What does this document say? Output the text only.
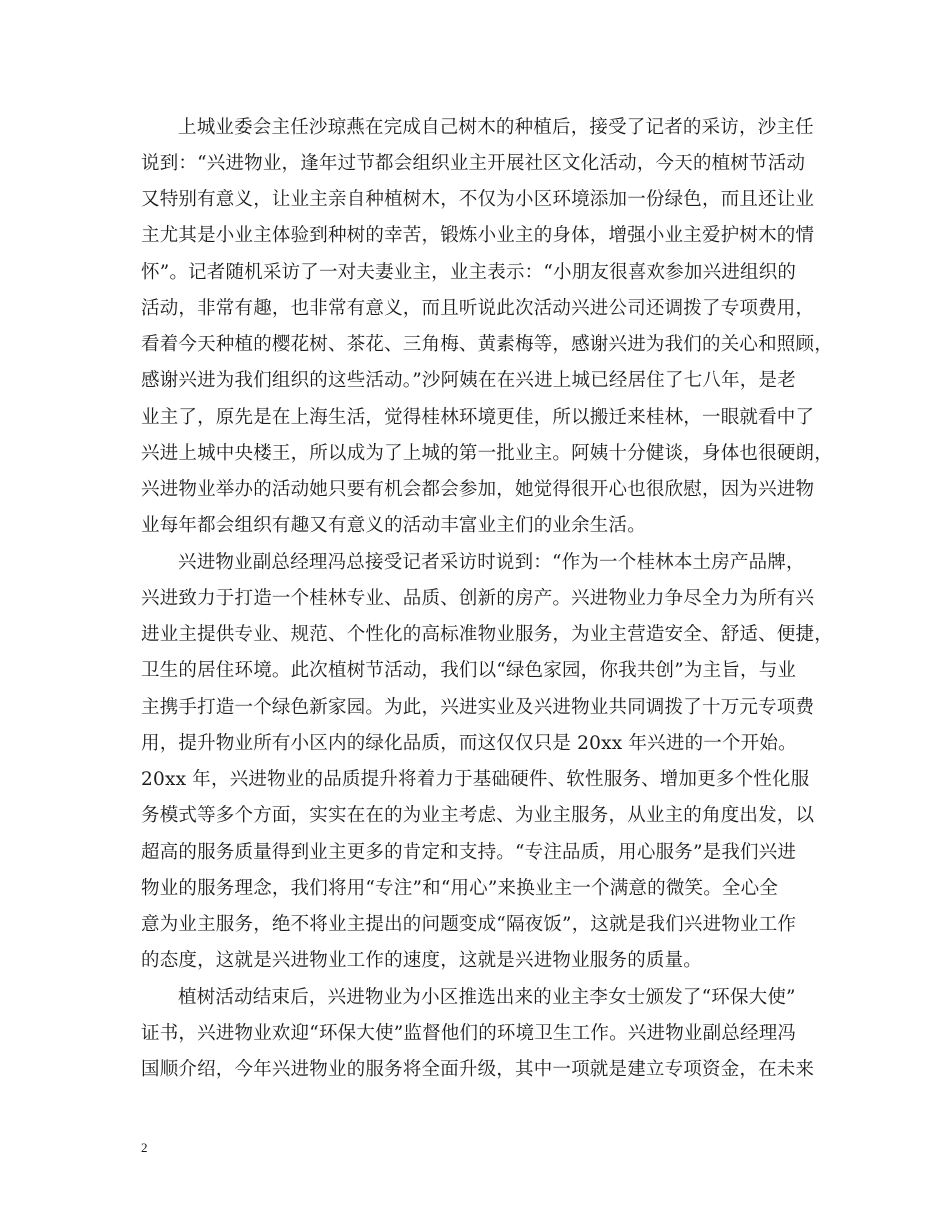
上城业委会主任沙琼燕在完成自己树木的种植后，接受了记者的采访，沙主任
说到：“兴进物业，逢年过节都会组织业主开展社区文化活动，今天的植树节活动
又特别有意义，让业主亲自种植树木，不仅为小区环境添加一份绿色，而且还让业
主尤其是小业主体验到种树的幸苦，锻炼小业主的身体，增强小业主爱护树木的情
怀”。记者随机采访了一对夫妻业主，业主表示：“小朋友很喜欢参加兴进组织的
活动，非常有趣，也非常有意义，而且听说此次活动兴进公司还调拨了专项费用，
看着今天种植的樱花树、茶花、三角梅、黄素梅等，感谢兴进为我们的关心和照顾，
感谢兴进为我们组织的这些活动。”沙阿姨在在兴进上城已经居住了七八年，是老
业主了，原先是在上海生活，觉得桂林环境更佳，所以搬迁来桂林，一眼就看中了
兴进上城中央楼王，所以成为了上城的第一批业主。阿姨十分健谈，身体也很硬朗，
兴进物业举办的活动她只要有机会都会参加，她觉得很开心也很欣慰，因为兴进物
业每年都会组织有趣又有意义的活动丰富业主们的业余生活。
兴进物业副总经理冯总接受记者采访时说到：“作为一个桂林本土房产品牌，
兴进致力于打造一个桂林专业、品质、创新的房产。兴进物业力争尽全力为所有兴
进业主提供专业、规范、个性化的高标准物业服务，为业主营造安全、舒适、便捷，
卫生的居住环境。此次植树节活动，我们以“绿色家园，你我共创”为主旨，与业
主携手打造一个绿色新家园。为此，兴进实业及兴进物业共同调拨了十万元专项费
用，提升物业所有小区内的绿化品质，而这仅仅只是 20xx 年兴进的一个开始。
20xx 年，兴进物业的品质提升将着力于基础硬件、软性服务、增加更多个性化服
务模式等多个方面，实实在在的为业主考虑、为业主服务，从业主的角度出发，以
超高的服务质量得到业主更多的肯定和支持。“专注品质，用心服务”是我们兴进
物业的服务理念，我们将用“专注”和“用心”来换业主一个满意的微笑。全心全
意为业主服务，绝不将业主提出的问题变成“隔夜饭”，这就是我们兴进物业工作
的态度，这就是兴进物业工作的速度，这就是兴进物业服务的质量。
植树活动结束后，兴进物业为小区推选出来的业主李女士颁发了“环保大使”
证书，兴进物业欢迎“环保大使”监督他们的环境卫生工作。兴进物业副总经理冯
国顺介绍，今年兴进物业的服务将全面升级，其中一项就是建立专项资金，在未来
2
